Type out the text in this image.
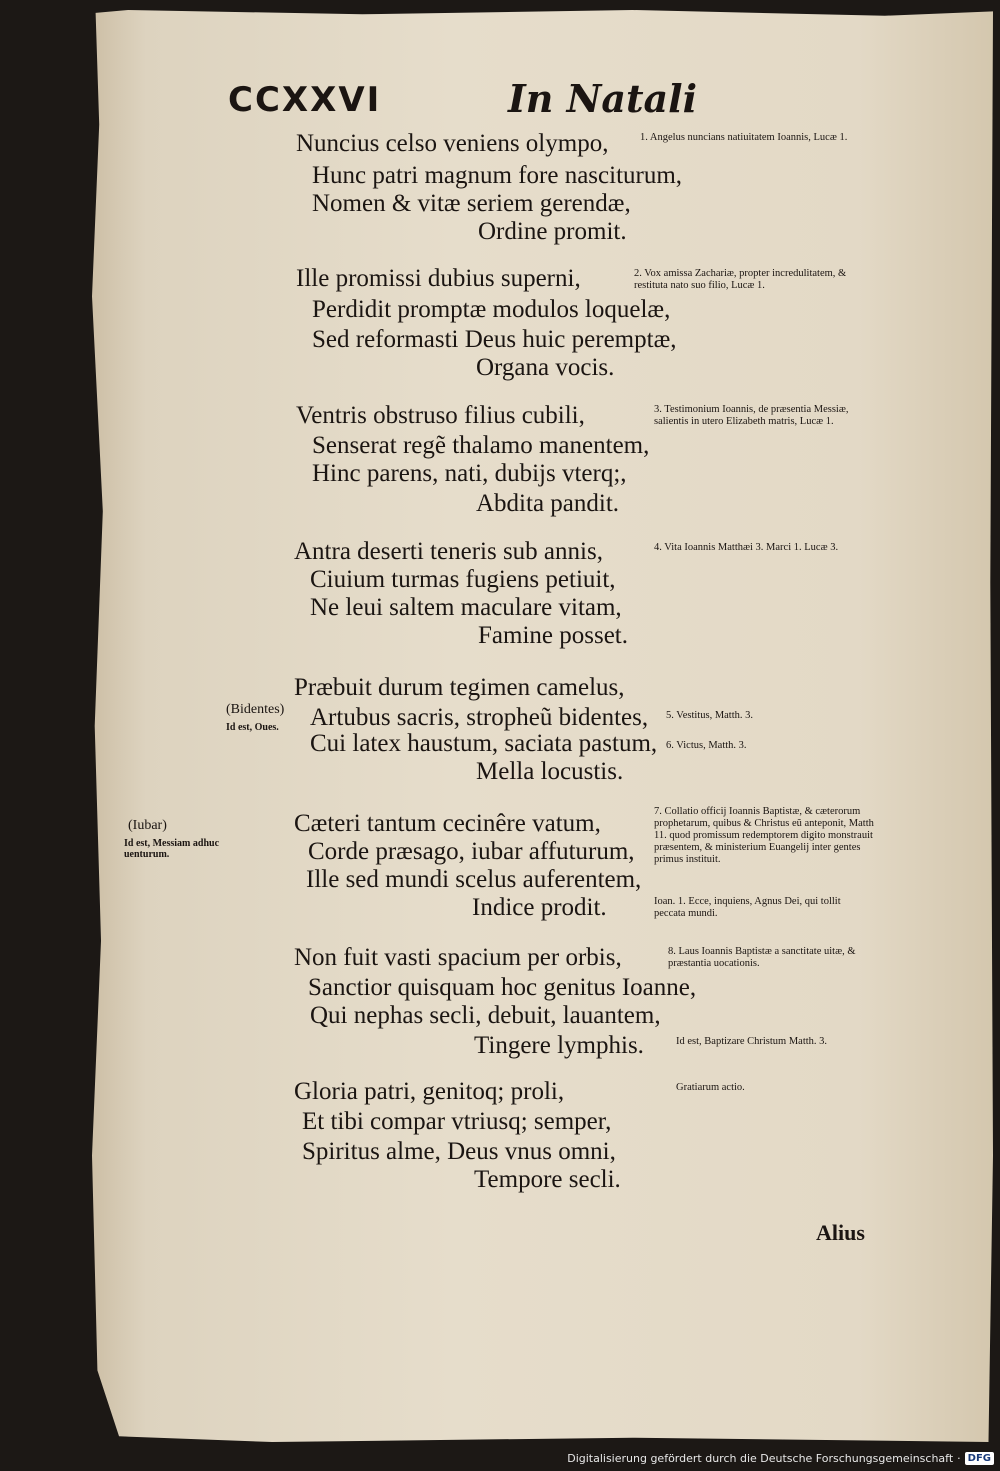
CCXXVI	In Natali
Nuncius celso veniens olympo,
Hunc patri magnum fore nasciturum,
Nomen & vitæ seriem gerendæ,
Ordine promit.
1. Angelus nuncians natiuitatem Ioannis, Lucæ 1.
Ille promissi dubius superni,
Perdidit promptæ modulos loquelæ,
Sed reformasti Deus huic peremptæ,
Organa vocis.
2. Vox amissa Zachariæ, propter incredulitatem, & restituta nato suo filio, Lucæ 1.
Ventris obstruso filius cubili,
Senserat regẽ thalamo manentem,
Hinc parens, nati, dubijs vterq;,
Abdita pandit.
3. Testimonium Ioannis, de præsentia Messiæ, salientis in utero Elizabeth matris, Lucæ 1.
Antra deserti teneris sub annis,
Ciuium turmas fugiens petiuit,
Ne leui saltem maculare vitam,
Famine posset.
4. Vita Ioannis Matthæi 3. Marci 1. Lucæ 3.
Præbuit durum tegimen camelus,
Artubus sacris, stropheũ bidentes,
Cui latex haustum, saciata pastum,
Mella locustis.
(Bidentes)
Id est, Oues.
5. Vestitus, Matth. 3.
6. Victus, Matth. 3.
Cæteri tantum cecinêre vatum,
Corde præsago, iubar affuturum,
Ille sed mundi scelus auferentem,
Indice prodit.
(Iubar)
Id est, Messiam adhuc uenturum.
7. Collatio officij Ioannis Baptistæ, & cæterorum prophetarum, quibus & Christus eũ anteponit, Matth 11. quod promissum redemptorem digito monstrauit præsentem, & ministerium Euangelij inter gentes primus instituit.
Ioan. 1. Ecce, inquiens, Agnus Dei, qui tollit peccata mundi.
Non fuit vasti spacium per orbis,
Sanctior quisquam hoc genitus Ioanne,
Qui nephas secli, debuit, lauantem,
Tingere lymphis.
8. Laus Ioannis Baptistæ a sanctitate uitæ, & præstantia uocationis.
Id est, Baptizare Christum Matth. 3.
Gloria patri, genitoq; proli,
Et tibi compar vtriusq; semper,
Spiritus alme, Deus vnus omni,
Tempore secli.
Gratiarum actio.
Alius
Digitalisierung gefördert durch die Deutsche Forschungsgemeinschaft · DFG
